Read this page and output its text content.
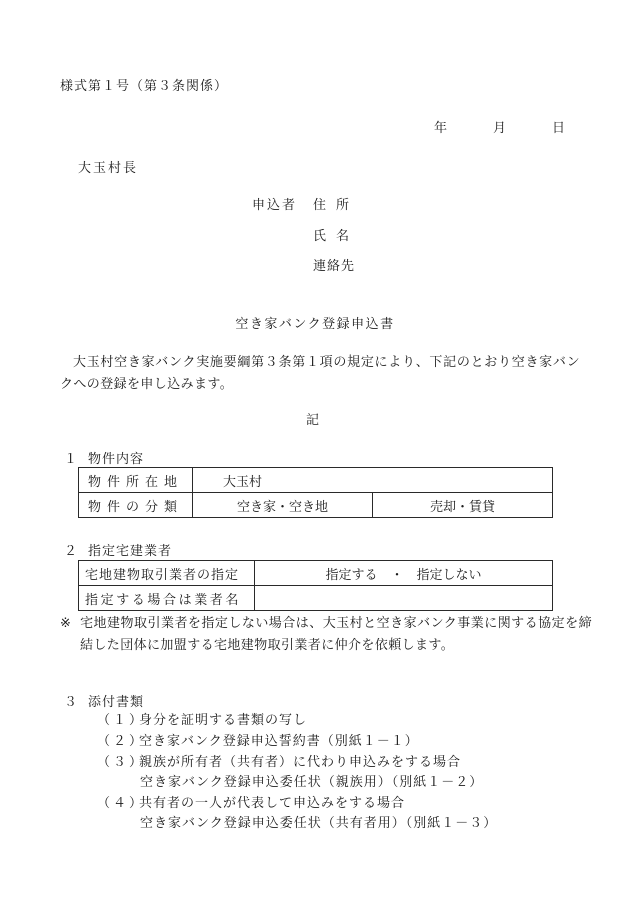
様式第１号（第３条関係）
年	月	日
大玉村長
申込者 住所
氏名
連絡先
空き家バンク登録申込書
大玉村空き家バンク実施要綱第３条第１項の規定により、下記のとおり空き家バンクへの登録を申し込みます。
記
１ 物件内容
物件所在地	大玉村	
物件の分類	空き家・空き地	売却・賃貸
２ 指定宅建業者
宅地建物取引業者の指定	指定する　・　指定しない
指定する場合は業者名	
※ 宅地建物取引業者を指定しない場合は、大玉村と空き家バンク事業に関する協定を締結した団体に加盟する宅地建物取引業者に仲介を依頼します。
３ 添付書類
（１）身分を証明する書類の写し
（２）空き家バンク登録申込誓約書（別紙１－１）
（３）親族が所有者（共有者）に代わり申込みをする場合
空き家バンク登録申込委任状（親族用）（別紙１－２）
（４）共有者の一人が代表して申込みをする場合
空き家バンク登録申込委任状（共有者用）（別紙１－３）
